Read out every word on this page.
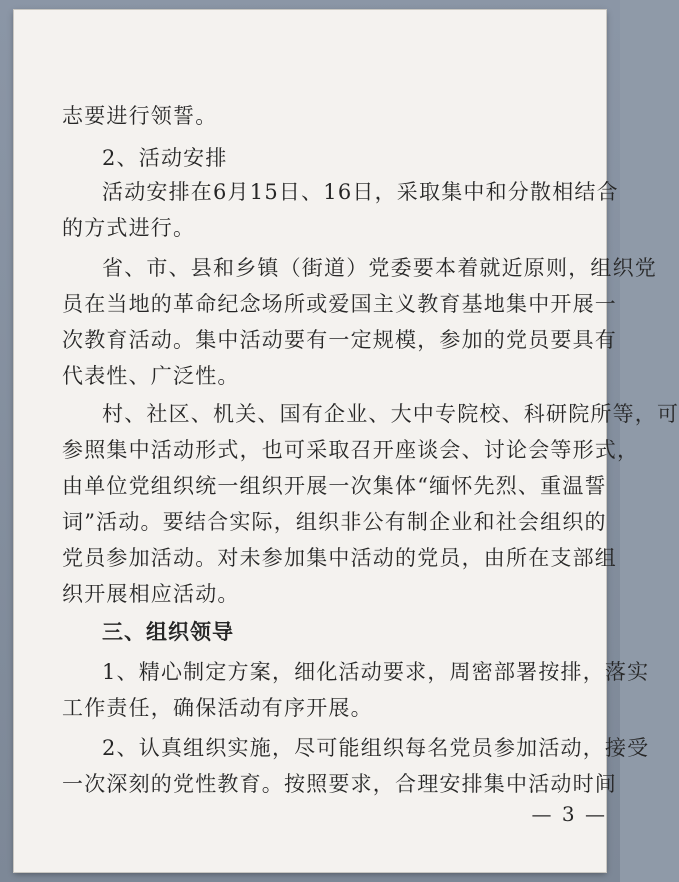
志要进行领誓。
2、活动安排
活动安排在6月15日、16日，采取集中和分散相结合
的方式进行。
省、市、县和乡镇（街道）党委要本着就近原则，组织党
员在当地的革命纪念场所或爱国主义教育基地集中开展一
次教育活动。集中活动要有一定规模，参加的党员要具有
代表性、广泛性。
村、社区、机关、国有企业、大中专院校、科研院所等，可
参照集中活动形式，也可采取召开座谈会、讨论会等形式，
由单位党组织统一组织开展一次集体“缅怀先烈、重温誓
词”活动。要结合实际，组织非公有制企业和社会组织的
党员参加活动。对未参加集中活动的党员，由所在支部组
织开展相应活动。
三、组织领导
1、精心制定方案，细化活动要求，周密部署按排，落实
工作责任，确保活动有序开展。
2、认真组织实施，尽可能组织每名党员参加活动，接受
一次深刻的党性教育。按照要求，合理安排集中活动时间
— 3 —
